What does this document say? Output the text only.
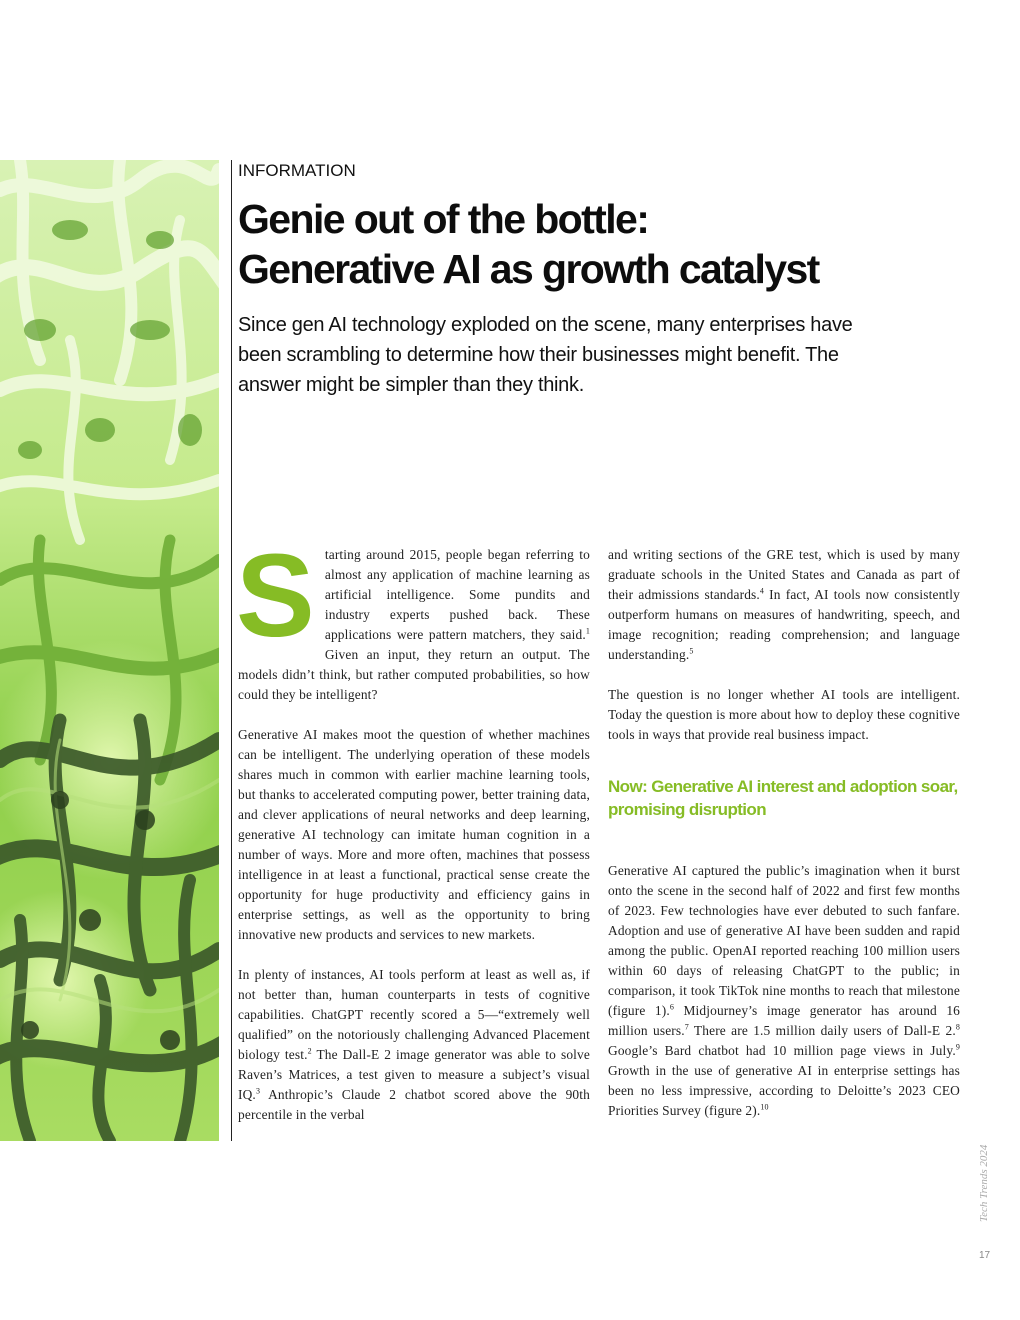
INFORMATION
Genie out of the bottle:
Generative AI as growth catalyst
Since gen AI technology exploded on the scene, many enterprises have been scrambling to determine how their businesses might benefit. The answer might be simpler than they think.

Starting around 2015, people began referring to almost any application of machine learning as artificial intelligence. Some pundits and industry experts pushed back. These applications were pattern matchers, they said.$^1$ Given an input, they return an output. The models didn’t think, but rather computed probabilities, so how could they be intelligent?

Generative AI makes moot the question of whether machines can be intelligent. The underlying operation of these models shares much in common with earlier machine learning tools, but thanks to accelerated computing power, better training data, and clever applications of neural networks and deep learning, generative AI technology can imitate human cognition in a number of ways. More and more often, machines that possess intelligence in at least a functional, practical sense create the opportunity for huge productivity and efficiency gains in enterprise settings, as well as the opportunity to bring innovative new products and services to new markets.

In plenty of instances, AI tools perform at least as well as, if not better than, human counterparts in tests of cognitive capabilities. ChatGPT recently scored a 5—“extremely well qualified” on the notoriously challenging Advanced Placement biology test.$^2$ The Dall-E 2 image generator was able to solve Raven’s Matrices, a test given to measure a subject’s visual IQ.$^3$ Anthropic’s Claude 2 chatbot scored above the 90th percentile in the verbal

and writing sections of the GRE test, which is used by many graduate schools in the United States and Canada as part of their admissions standards.$^4$ In fact, AI tools now consistently outperform humans on measures of handwriting, speech, and image recognition; reading comprehension; and language understanding.$^5$

The question is no longer whether AI tools are intelligent. Today the question is more about how to deploy these cognitive tools in ways that provide real business impact.

Now: Generative AI interest and adoption soar, promising disruption

Generative AI captured the public’s imagination when it burst onto the scene in the second half of 2022 and first few months of 2023. Few technologies have ever debuted to such fanfare. Adoption and use of generative AI have been sudden and rapid among the public. OpenAI reported reaching 100 million users within 60 days of releasing ChatGPT to the public; in comparison, it took TikTok nine months to reach that milestone (figure 1).$^6$ Midjourney’s image generator has around 16 million users.$^7$ There are 1.5 million daily users of Dall-E 2.$^8$ Google’s Bard chatbot had 10 million page views in July.$^9$ Growth in the use of generative AI in enterprise settings has been no less impressive, according to Deloitte’s 2023 CEO Priorities Survey (figure 2).$^{10}$

Tech Trends 2024
17
